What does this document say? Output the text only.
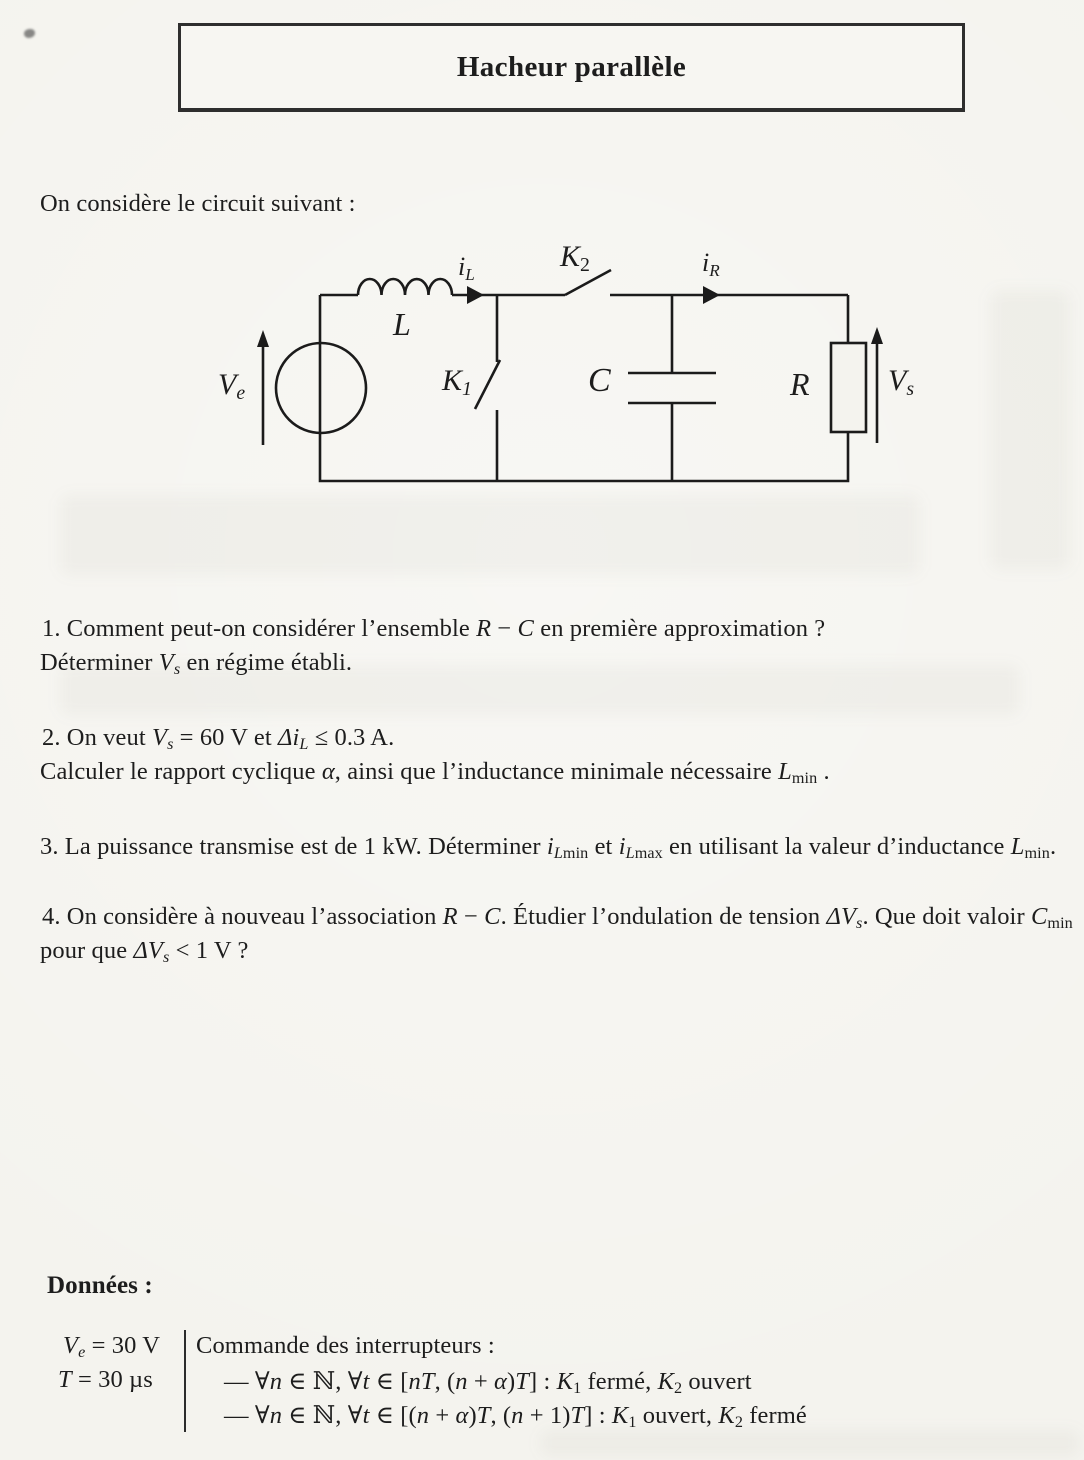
Hacheur parallèle
On considère le circuit suivant :
Ve
L
iL
K2	iR
K1	C	R	Vs
1. Comment peut-on considérer l’ensemble R − C en première approximation ?
Déterminer Vs en régime établi.
2. On veut Vs = 60 V et ΔiL ≤ 0.3 A.
Calculer le rapport cyclique α, ainsi que l’inductance minimale nécessaire Lmin .
3. La puissance transmise est de 1 kW. Déterminer iLmin et iLmax en utilisant la valeur d’inductance Lmin.
4. On considère à nouveau l’association R − C. Étudier l’ondulation de tension ΔVs. Que doit valoir Cmin
pour que ΔVs < 1 V ?
Données :
Ve = 30 V
T = 30 µs
Commande des interrupteurs :
— ∀n ∈ ℕ, ∀t ∈ [nT, (n + α)T] : K1 fermé, K2 ouvert
— ∀n ∈ ℕ, ∀t ∈ [(n + α)T, (n + 1)T] : K1 ouvert, K2 fermé
